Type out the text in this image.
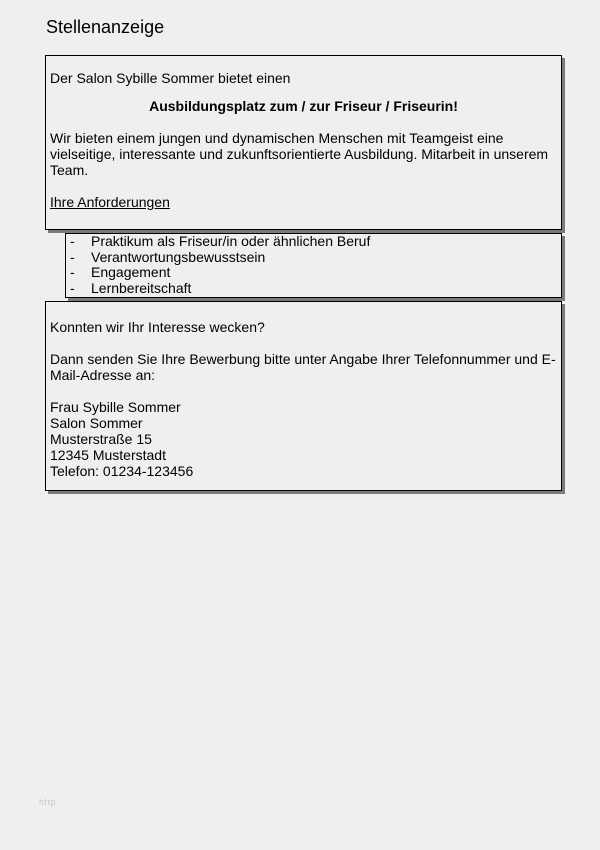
Stellenanzeige

Der Salon Sybille Sommer bietet einen

Ausbildungsplatz zum / zur Friseur / Friseurin!

Wir bieten einem jungen und dynamischen Menschen mit Teamgeist eine vielseitige, interessante und zukunftsorientierte Ausbildung. Mitarbeit in unserem Team.

Ihre Anforderungen

- Praktikum als Friseur/in oder ähnlichen Beruf
- Verantwortungsbewusstsein
- Engagement
- Lernbereitschaft

Konnten wir Ihr Interesse wecken?

Dann senden Sie Ihre Bewerbung bitte unter Angabe Ihrer Telefonnummer und E-Mail-Adresse an:

Frau Sybille Sommer

Salon Sommer

Musterstraße 15

12345 Musterstadt

Telefon: 01234-123456

http
